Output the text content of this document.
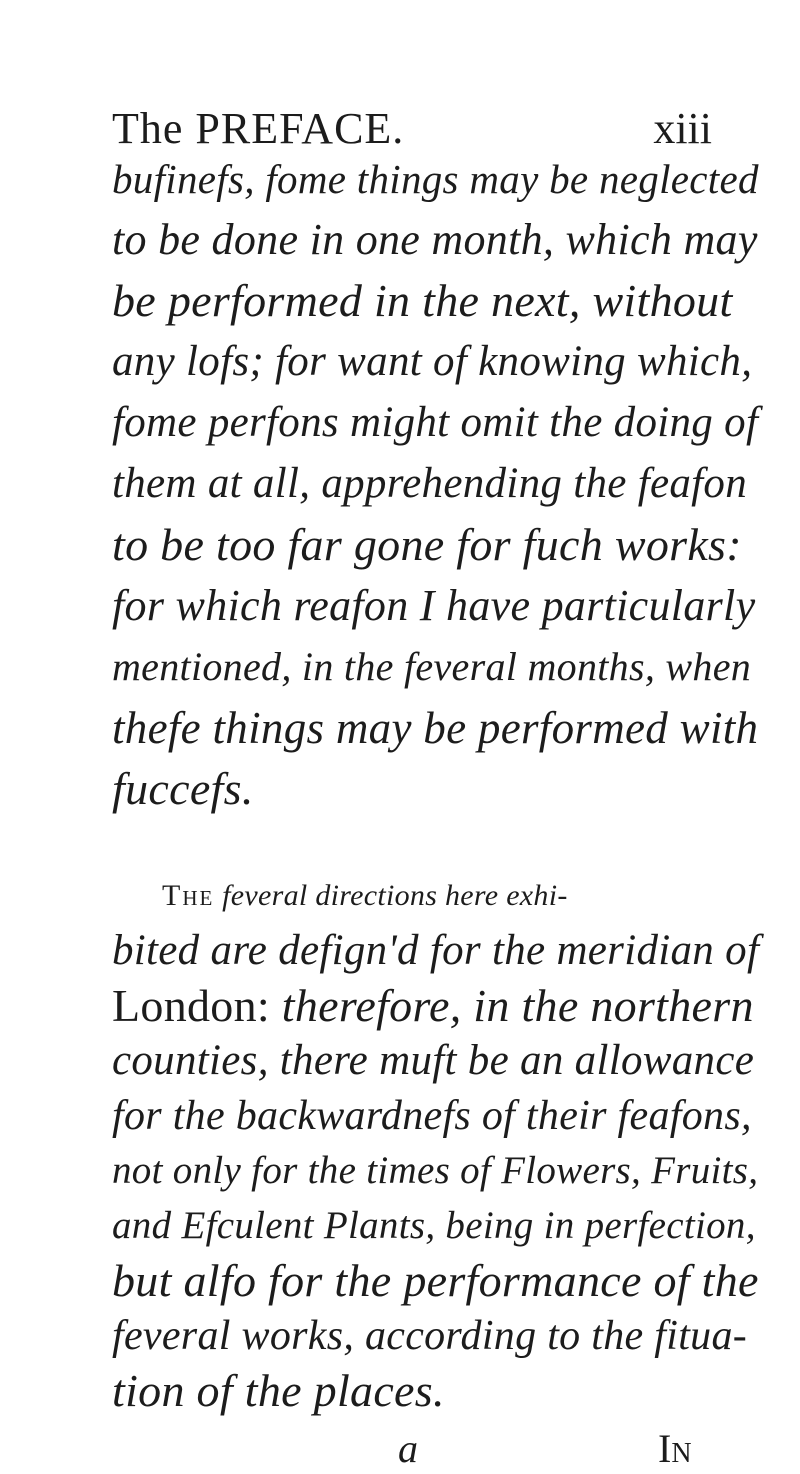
The PREFACE.	xiii
bufinefs, fome things may be neglected
to be done in one month, which may
be performed in the next, without
any lofs; for want of knowing which,
fome perfons might omit the doing of
them at all, apprehending the feafon
to be too far gone for fuch works:
for which reafon I have particularly
mentioned, in the feveral months, when
thefe things may be performed with
fuccefs.
The feveral directions here exhi-
bited are defign'd for the meridian of
London: therefore, in the northern
counties, there muft be an allowance
for the backwardnefs of their feafons,
not only for the times of Flowers, Fruits,
and Efculent Plants, being in perfection,
but alfo for the performance of the
feveral works, according to the fitua-
tion of the places.
a	In
